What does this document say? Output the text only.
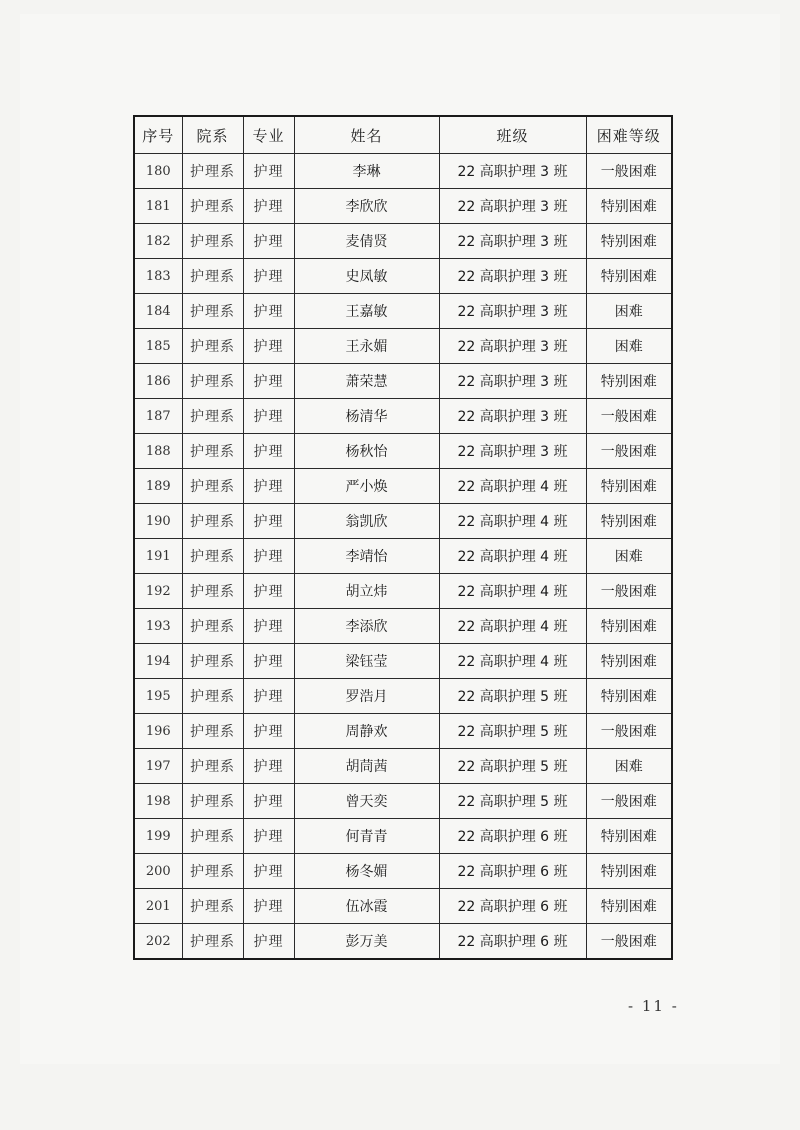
序号	院系	专业	姓名	班级	困难等级
180	护理系	护理	李琳	22 高职护理 3 班	一般困难
181	护理系	护理	李欣欣	22 高职护理 3 班	特别困难
182	护理系	护理	麦倩贤	22 高职护理 3 班	特别困难
183	护理系	护理	史凤敏	22 高职护理 3 班	特别困难
184	护理系	护理	王嘉敏	22 高职护理 3 班	困难
185	护理系	护理	王永媚	22 高职护理 3 班	困难
186	护理系	护理	萧荣慧	22 高职护理 3 班	特别困难
187	护理系	护理	杨清华	22 高职护理 3 班	一般困难
188	护理系	护理	杨秋怡	22 高职护理 3 班	一般困难
189	护理系	护理	严小焕	22 高职护理 4 班	特别困难
190	护理系	护理	翁凯欣	22 高职护理 4 班	特别困难
191	护理系	护理	李靖怡	22 高职护理 4 班	困难
192	护理系	护理	胡立炜	22 高职护理 4 班	一般困难
193	护理系	护理	李添欣	22 高职护理 4 班	特别困难
194	护理系	护理	梁钰莹	22 高职护理 4 班	特别困难
195	护理系	护理	罗浩月	22 高职护理 5 班	特别困难
196	护理系	护理	周静欢	22 高职护理 5 班	一般困难
197	护理系	护理	胡茼茜	22 高职护理 5 班	困难
198	护理系	护理	曾天奕	22 高职护理 5 班	一般困难
199	护理系	护理	何青青	22 高职护理 6 班	特别困难
200	护理系	护理	杨冬媚	22 高职护理 6 班	特别困难
201	护理系	护理	伍冰霞	22 高职护理 6 班	特别困难
202	护理系	护理	彭万美	22 高职护理 6 班	一般困难
- 11 -
